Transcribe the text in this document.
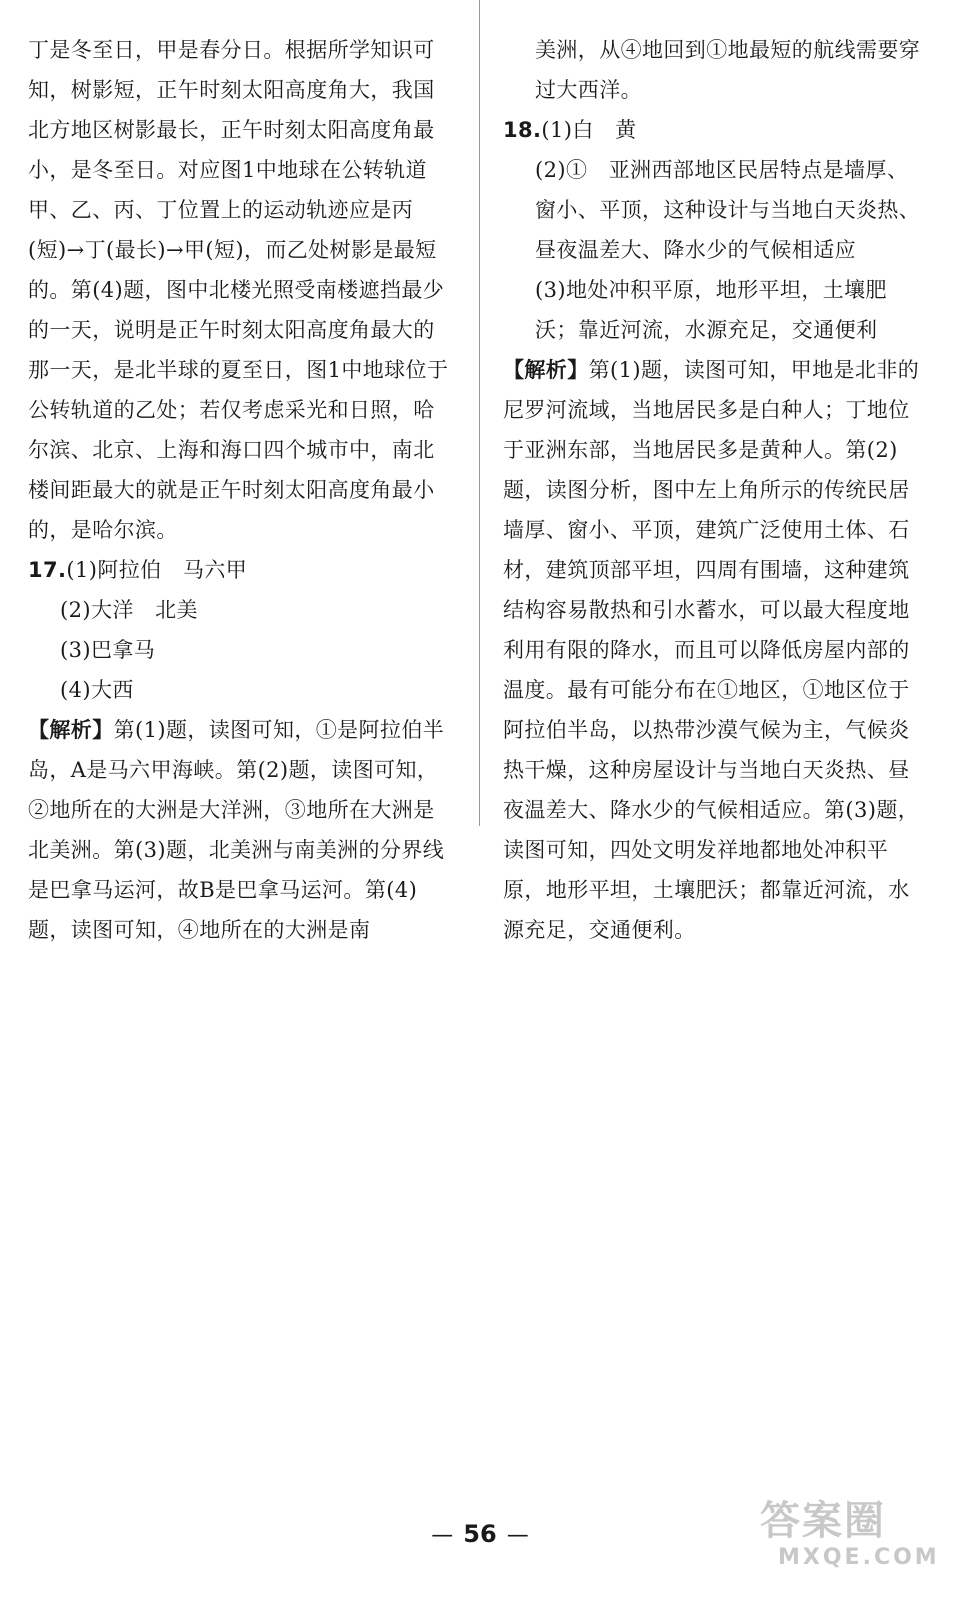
丁是冬至日，甲是春分日。根据所学知识可知，树影短，正午时刻太阳高度角大，我国北方地区树影最长，正午时刻太阳高度角最小，是冬至日。对应图1中地球在公转轨道甲、乙、丙、丁位置上的运动轨迹应是丙(短)→丁(最长)→甲(短)，而乙处树影是最短的。第(4)题，图中北楼光照受南楼遮挡最少的一天，说明是正午时刻太阳高度角最大的那一天，是北半球的夏至日，图1中地球位于公转轨道的乙处；若仅考虑采光和日照，哈尔滨、北京、上海和海口四个城市中，南北楼间距最大的就是正午时刻太阳高度角最小的，是哈尔滨。

17.(1)阿拉伯　马六甲

(2)大洋　北美

(3)巴拿马

(4)大西

【解析】第(1)题，读图可知，①是阿拉伯半岛，A是马六甲海峡。第(2)题，读图可知，②地所在的大洲是大洋洲，③地所在大洲是北美洲。第(3)题，北美洲与南美洲的分界线是巴拿马运河，故B是巴拿马运河。第(4)题，读图可知，④地所在的大洲是南

美洲，从④地回到①地最短的航线需要穿过大西洋。

18.(1)白　黄

(2)①　亚洲西部地区民居特点是墙厚、窗小、平顶，这种设计与当地白天炎热、昼夜温差大、降水少的气候相适应

(3)地处冲积平原，地形平坦，土壤肥沃；靠近河流，水源充足，交通便利

【解析】第(1)题，读图可知，甲地是北非的尼罗河流域，当地居民多是白种人；丁地位于亚洲东部，当地居民多是黄种人。第(2)题，读图分析，图中左上角所示的传统民居墙厚、窗小、平顶，建筑广泛使用土体、石材，建筑顶部平坦，四周有围墙，这种建筑结构容易散热和引水蓄水，可以最大程度地利用有限的降水，而且可以降低房屋内部的温度。最有可能分布在①地区，①地区位于阿拉伯半岛，以热带沙漠气候为主，气候炎热干燥，这种房屋设计与当地白天炎热、昼夜温差大、降水少的气候相适应。第(3)题，读图可知，四处文明发祥地都地处冲积平原，地形平坦，土壤肥沃；都靠近河流，水源充足，交通便利。

— 56 —	答案圈
MXQE.COM
